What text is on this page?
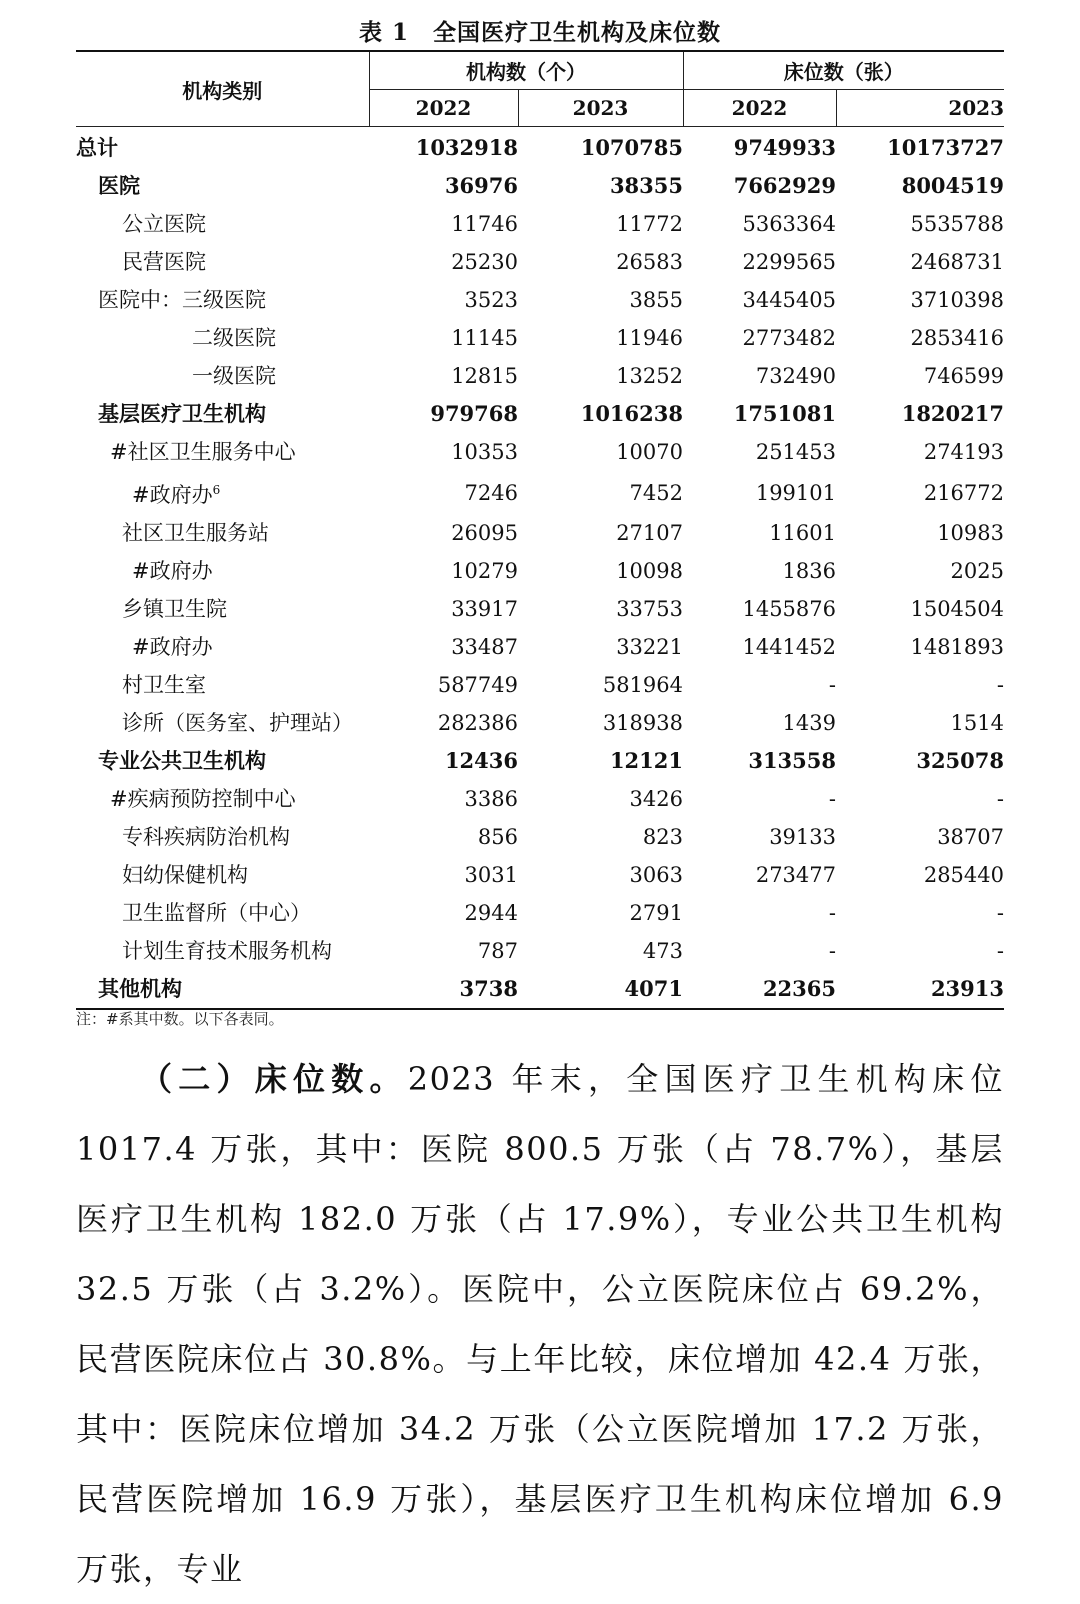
表 1　全国医疗卫生机构及床位数
机构类别	机构数（个）		床位数（张）	
	2022	2023	2022	2023
总计	1032918	1070785	9749933	10173727
医院	36976	38355	7662929	8004519
公立医院	11746	11772	5363364	5535788
民营医院	25230	26583	2299565	2468731
医院中：三级医院	3523	3855	3445405	3710398
二级医院	11145	11946	2773482	2853416
一级医院	12815	13252	732490	746599
基层医疗卫生机构	979768	1016238	1751081	1820217
#社区卫生服务中心	10353	10070	251453	274193
#政府办$^6$	7246	7452	199101	216772
社区卫生服务站	26095	27107	11601	10983
#政府办	10279	10098	1836	2025
乡镇卫生院	33917	33753	1455876	1504504
#政府办	33487	33221	1441452	1481893
村卫生室	587749	581964	-	-
诊所（医务室、护理站）	282386	318938	1439	1514
专业公共卫生机构	12436	12121	313558	325078
#疾病预防控制中心	3386	3426	-	-
专科疾病防治机构	856	823	39133	38707
妇幼保健机构	3031	3063	273477	285440
卫生监督所（中心）	2944	2791	-	-
计划生育技术服务机构	787	473	-	-
其他机构	3738	4071	22365	23913
注：#系其中数。以下各表同。
（二）床位数。2023 年末，全国医疗卫生机构床位 1017.4 万张，其中：医院 800.5 万张（占 78.7%），基层医疗卫生机构 182.0 万张（占 17.9%），专业公共卫生机构 32.5 万张（占 3.2%）。医院中，公立医院床位占 69.2%，民营医院床位占 30.8%。与上年比较，床位增加 42.4 万张，其中：医院床位增加 34.2 万张（公立医院增加 17.2 万张，民营医院增加 16.9 万张），基层医疗卫生机构床位增加 6.9 万张，专业
